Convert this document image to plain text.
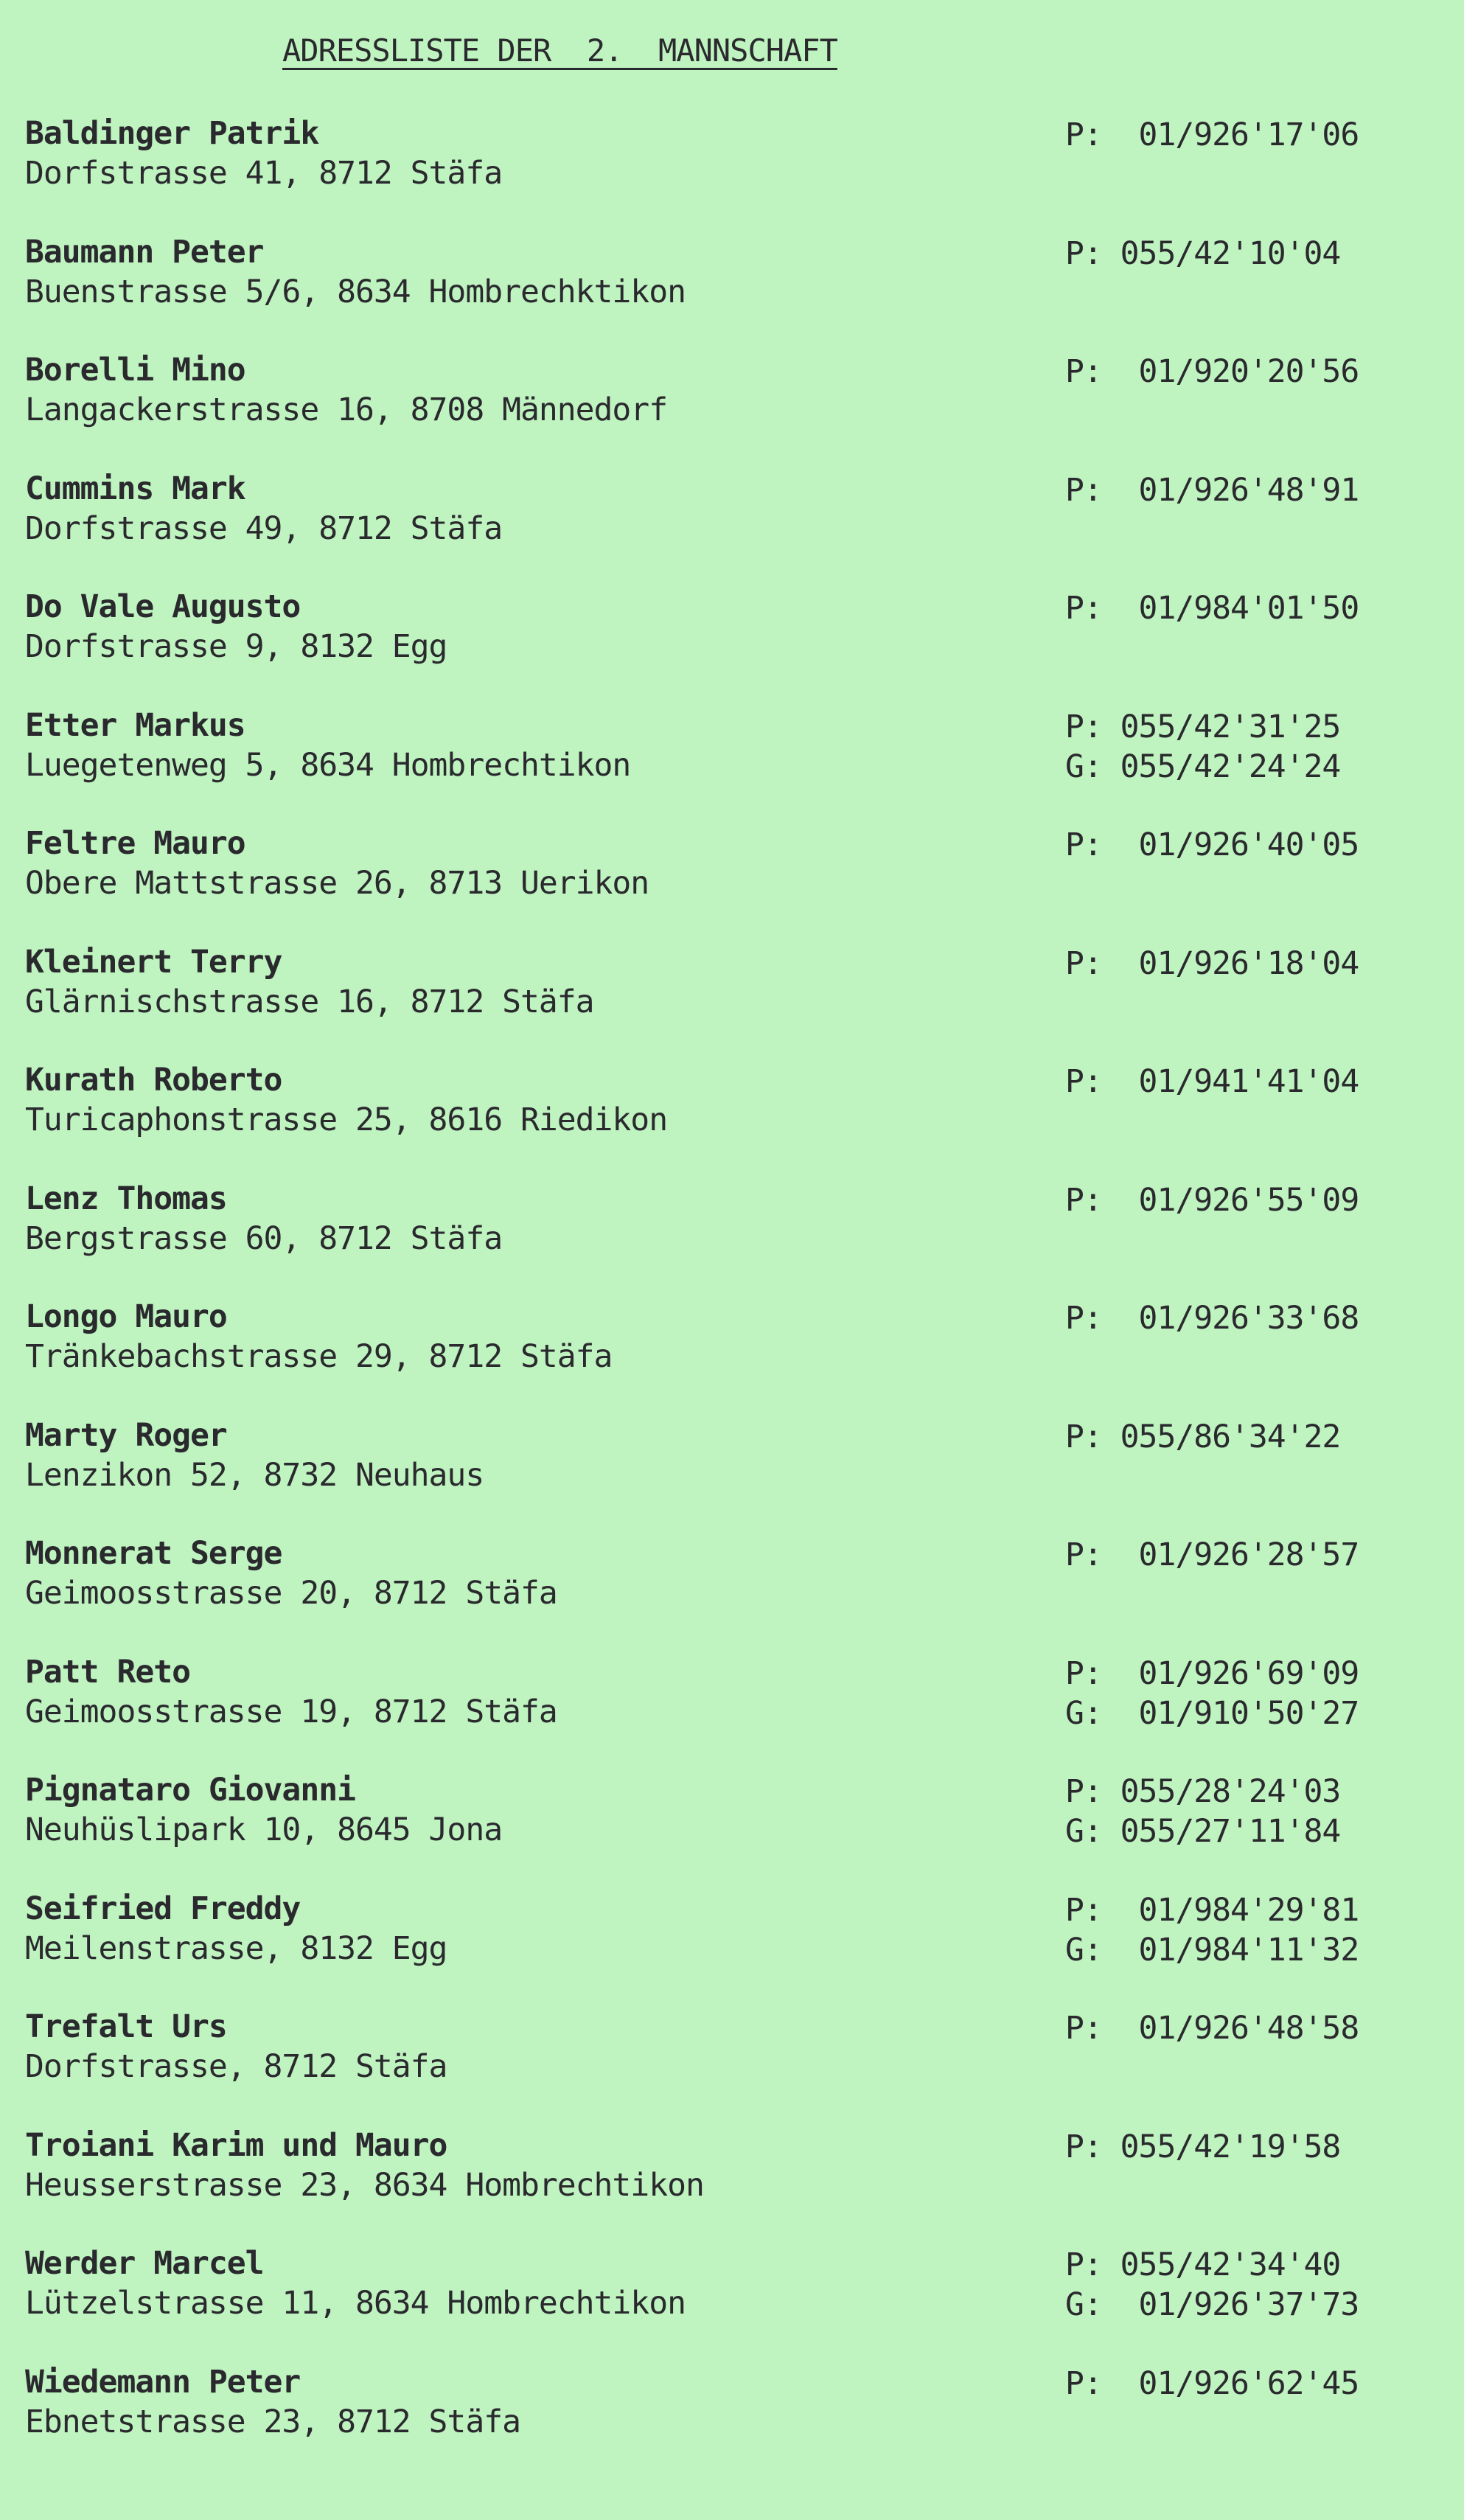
ADRESSLISTE DER  2.  MANNSCHAFT
Baldinger Patrik
Dorfstrasse 41, 8712 Stäfa
P:  01/926'17'06
Baumann Peter
Buenstrasse 5/6, 8634 Hombrechktikon
P: 055/42'10'04
Borelli Mino
Langackerstrasse 16, 8708 Männedorf
P:  01/920'20'56
Cummins Mark
Dorfstrasse 49, 8712 Stäfa
P:  01/926'48'91
Do Vale Augusto
Dorfstrasse 9, 8132 Egg
P:  01/984'01'50
Etter Markus
Luegetenweg 5, 8634 Hombrechtikon
P: 055/42'31'25
G: 055/42'24'24
Feltre Mauro
Obere Mattstrasse 26, 8713 Uerikon
P:  01/926'40'05
Kleinert Terry
Glärnischstrasse 16, 8712 Stäfa
P:  01/926'18'04
Kurath Roberto
Turicaphonstrasse 25, 8616 Riedikon
P:  01/941'41'04
Lenz Thomas
Bergstrasse 60, 8712 Stäfa
P:  01/926'55'09
Longo Mauro
Tränkebachstrasse 29, 8712 Stäfa
P:  01/926'33'68
Marty Roger
Lenzikon 52, 8732 Neuhaus
P: 055/86'34'22
Monnerat Serge
Geimoosstrasse 20, 8712 Stäfa
P:  01/926'28'57
Patt Reto
Geimoosstrasse 19, 8712 Stäfa
P:  01/926'69'09
G:  01/910'50'27
Pignataro Giovanni
Neuhüslipark 10, 8645 Jona
P: 055/28'24'03
G: 055/27'11'84
Seifried Freddy
Meilenstrasse, 8132 Egg
P:  01/984'29'81
G:  01/984'11'32
Trefalt Urs
Dorfstrasse, 8712 Stäfa
P:  01/926'48'58
Troiani Karim und Mauro
Heusserstrasse 23, 8634 Hombrechtikon
P: 055/42'19'58
Werder Marcel
Lützelstrasse 11, 8634 Hombrechtikon
P: 055/42'34'40
G:  01/926'37'73
Wiedemann Peter
Ebnetstrasse 23, 8712 Stäfa
P:  01/926'62'45
